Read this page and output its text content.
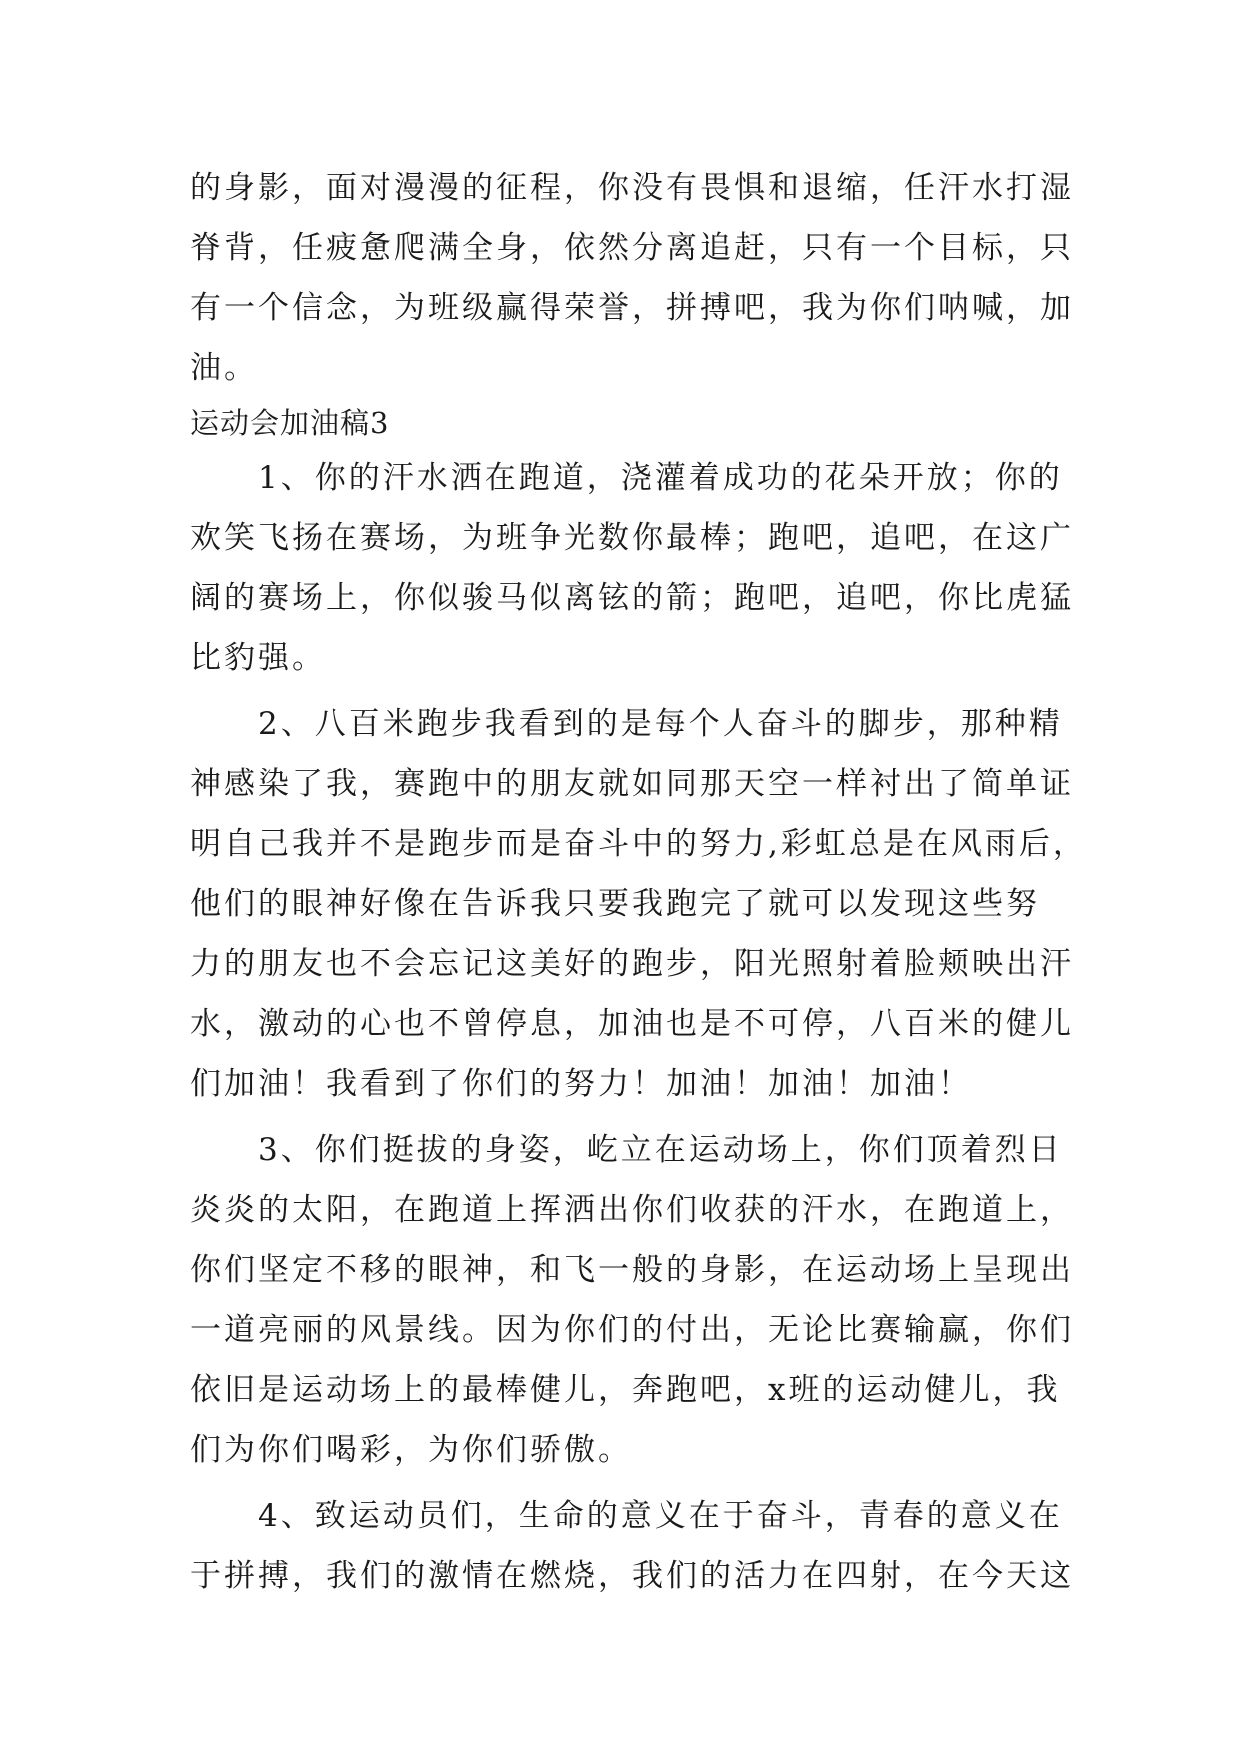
的身影，面对漫漫的征程，你没有畏惧和退缩，任汗水打湿
脊背，任疲惫爬满全身，依然分离追赶，只有一个目标，只
有一个信念，为班级赢得荣誉，拼搏吧，我为你们呐喊，加
油。
运动会加油稿3
　　1、你的汗水洒在跑道，浇灌着成功的花朵开放；你的
欢笑飞扬在赛场，为班争光数你最棒；跑吧，追吧，在这广
阔的赛场上，你似骏马似离铉的箭；跑吧，追吧，你比虎猛
比豹强。
　　2、八百米跑步我看到的是每个人奋斗的脚步，那种精
神感染了我，赛跑中的朋友就如同那天空一样衬出了简单证
明自己我并不是跑步而是奋斗中的努力,彩虹总是在风雨后，
他们的眼神好像在告诉我只要我跑完了就可以发现这些努
力的朋友也不会忘记这美好的跑步，阳光照射着脸颊映出汗
水，激动的心也不曾停息，加油也是不可停，八百米的健儿
们加油！我看到了你们的努力！加油！加油！加油！
　　3、你们挺拔的身姿，屹立在运动场上，你们顶着烈日
炎炎的太阳，在跑道上挥洒出你们收获的汗水，在跑道上，
你们坚定不移的眼神，和飞一般的身影，在运动场上呈现出
一道亮丽的风景线。因为你们的付出，无论比赛输赢，你们
依旧是运动场上的最棒健儿，奔跑吧，x班的运动健儿，我
们为你们喝彩，为你们骄傲。
　　4、致运动员们，生命的意义在于奋斗，青春的意义在
于拼搏，我们的激情在燃烧，我们的活力在四射，在今天这
